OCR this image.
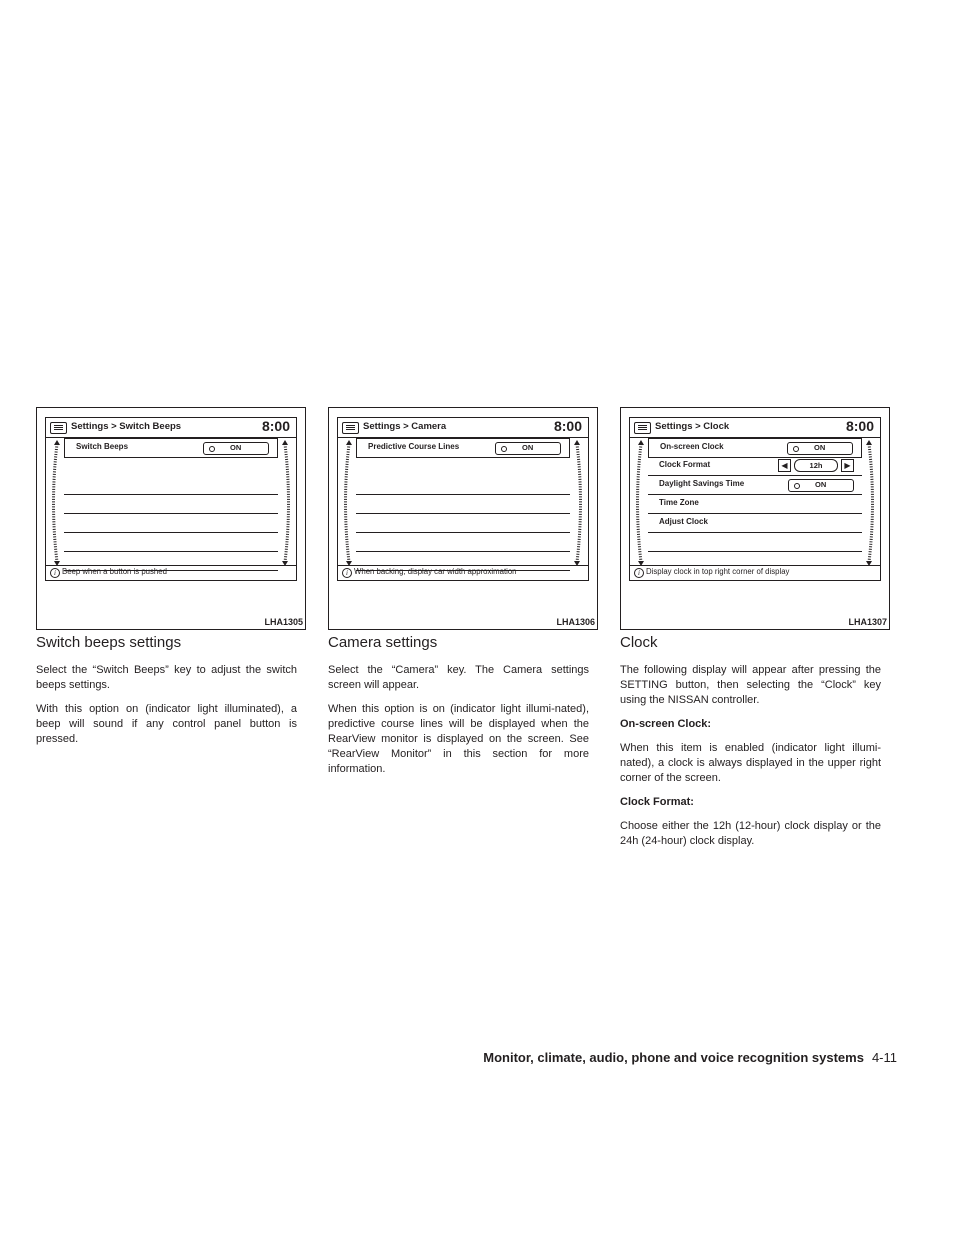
Settings > Switch Beeps	8:00
Switch Beeps	ON
i Beep when a button is pushed
LHA1305
Settings > Camera	8:00
Predictive Course Lines	ON
i When backing, display car width approximation
LHA1306
Settings > Clock	8:00
On-screen Clock	ON
Clock Format	◀	12h	▶
Daylight Savings Time	ON
Time Zone
Adjust Clock
i Display clock in top right corner of display
LHA1307
Switch beeps settings

Select the “Switch Beeps” key to adjust the switch beeps settings.

With this option on (indicator light illuminated), a beep will sound if any control panel button is pressed.

Camera settings

Select the “Camera” key. The Camera settings screen will appear.

When this option is on (indicator light illumi-nated), predictive course lines will be displayed when the RearView monitor is displayed on the screen. See “RearView Monitor” in this section for more information.

Clock

The following display will appear after pressing the SETTING button, then selecting the “Clock” key using the NISSAN controller.

On-screen Clock:

When this item is enabled (indicator light illumi-nated), a clock is always displayed in the upper right corner of the screen.

Clock Format:

Choose either the 12h (12-hour) clock display or the 24h (24-hour) clock display.

Monitor, climate, audio, phone and voice recognition systems 4-11
